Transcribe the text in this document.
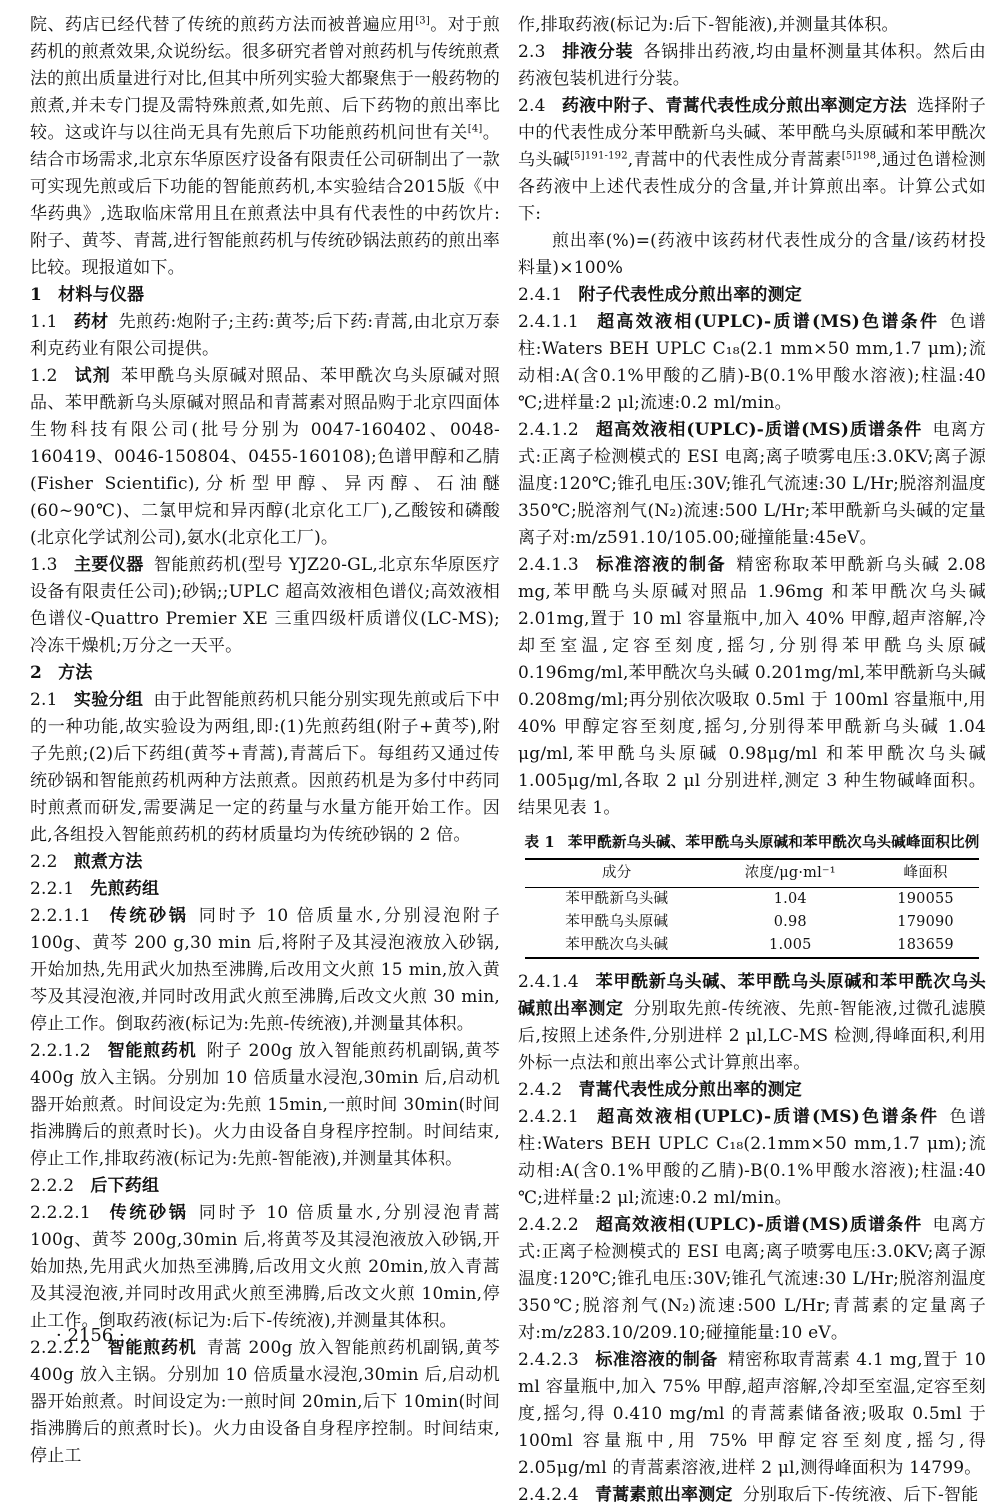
院、药店已经代替了传统的煎药方法而被普遍应用[3]。对于煎药机的煎煮效果,众说纷纭。很多研究者曾对煎药机与传统煎煮法的煎出质量进行对比,但其中所列实验大都聚焦于一般药物的煎煮,并未专门提及需特殊煎煮,如先煎、后下药物的煎出率比较。这或许与以往尚无具有先煎后下功能煎药机问世有关[4]。结合市场需求,北京东华原医疗设备有限责任公司研制出了一款可实现先煎或后下功能的智能煎药机,本实验结合2015版《中华药典》,选取临床常用且在煎煮法中具有代表性的中药饮片:附子、黄芩、青蒿,进行智能煎药机与传统砂锅法煎药的煎出率比较。现报道如下。

1 材料与仪器

1.1 药材 先煎药:炮附子;主药:黄芩;后下药:青蒿,由北京万泰利克药业有限公司提供。

1.2 试剂 苯甲酰乌头原碱对照品、苯甲酰次乌头原碱对照品、苯甲酰新乌头原碱对照品和青蒿素对照品购于北京四面体生物科技有限公司(批号分别为 0047-160402、0048-160419、0046-150804、0455-160108);色谱甲醇和乙腈(Fisher Scientific),分析型甲醇、异丙醇、石油醚(60~90℃)、二氯甲烷和异丙醇(北京化工厂),乙酸铵和磷酸(北京化学试剂公司),氨水(北京化工厂)。

1.3 主要仪器 智能煎药机(型号 YJZ20-GL,北京东华原医疗设备有限责任公司);砂锅;;UPLC 超高效液相色谱仪;高效液相色谱仪-Quattro Premier XE 三重四级杆质谱仪(LC-MS);冷冻干燥机;万分之一天平。

2 方法

2.1 实验分组 由于此智能煎药机只能分别实现先煎或后下中的一种功能,故实验设为两组,即:(1)先煎药组(附子+黄芩),附子先煎;(2)后下药组(黄芩+青蒿),青蒿后下。每组药又通过传统砂锅和智能煎药机两种方法煎煮。因煎药机是为多付中药同时煎煮而研发,需要满足一定的药量与水量方能开始工作。因此,各组投入智能煎药机的药材质量均为传统砂锅的 2 倍。

2.2 煎煮方法

2.2.1 先煎药组

2.2.1.1 传统砂锅 同时予 10 倍质量水,分别浸泡附子 100g、黄芩 200 g,30 min 后,将附子及其浸泡液放入砂锅,开始加热,先用武火加热至沸腾,后改用文火煎 15 min,放入黄芩及其浸泡液,并同时改用武火煎至沸腾,后改文火煎 30 min,停止工作。倒取药液(标记为:先煎-传统液),并测量其体积。

2.2.1.2 智能煎药机 附子 200g 放入智能煎药机副锅,黄芩 400g 放入主锅。分别加 10 倍质量水浸泡,30min 后,启动机器开始煎煮。时间设定为:先煎 15min,一煎时间 30min(时间指沸腾后的煎煮时长)。火力由设备自身程序控制。时间结束,停止工作,排取药液(标记为:先煎-智能液),并测量其体积。

2.2.2 后下药组

2.2.2.1 传统砂锅 同时予 10 倍质量水,分别浸泡青蒿 100g、黄芩 200g,30min 后,将黄芩及其浸泡液放入砂锅,开始加热,先用武火加热至沸腾,后改用文火煎 20min,放入青蒿及其浸泡液,并同时改用武火煎至沸腾,后改文火煎 10min,停止工作。倒取药液(标记为:后下-传统液),并测量其体积。

2.2.2.2 智能煎药机 青蒿 200g 放入智能煎药机副锅,黄芩 400g 放入主锅。分别加 10 倍质量水浸泡,30min 后,启动机器开始煎煮。时间设定为:一煎时间 20min,后下 10min(时间指沸腾后的煎煮时长)。火力由设备自身程序控制。时间结束,停止工

作,排取药液(标记为:后下-智能液),并测量其体积。

2.3 排液分装 各锅排出药液,均由量杯测量其体积。然后由药液包装机进行分装。

2.4 药液中附子、青蒿代表性成分煎出率测定方法 选择附子中的代表性成分苯甲酰新乌头碱、苯甲酰乌头原碱和苯甲酰次乌头碱$^{[5]191-192}$,青蒿中的代表性成分青蒿素$^{[5]198}$,通过色谱检测各药液中上述代表性成分的含量,并计算煎出率。计算公式如下:

煎出率(%)=(药液中该药材代表性成分的含量/该药材投料量)×100%

2.4.1 附子代表性成分煎出率的测定

2.4.1.1 超高效液相(UPLC)-质谱(MS)色谱条件 色谱柱:Waters BEH UPLC C₁₈(2.1 mm×50 mm,1.7 μm);流动相:A(含0.1%甲酸的乙腈)-B(0.1%甲酸水溶液);柱温:40 ℃;进样量:2 μl;流速:0.2 ml/min。

2.4.1.2 超高效液相(UPLC)-质谱(MS)质谱条件 电离方式:正离子检测模式的 ESI 电离;离子喷雾电压:3.0KV;离子源温度:120℃;锥孔电压:30V;锥孔气流速:30 L/Hr;脱溶剂温度350℃;脱溶剂气(N₂)流速:500 L/Hr;苯甲酰新乌头碱的定量离子对:m/z591.10/105.00;碰撞能量:45eV。

2.4.1.3 标准溶液的制备 精密称取苯甲酰新乌头碱 2.08 mg,苯甲酰乌头原碱对照品 1.96mg 和苯甲酰次乌头碱 2.01mg,置于 10 ml 容量瓶中,加入 40% 甲醇,超声溶解,冷却至室温,定容至刻度,摇匀,分别得苯甲酰乌头原碱 0.196mg/ml,苯甲酰次乌头碱 0.201mg/ml,苯甲酰新乌头碱 0.208mg/ml;再分别依次吸取 0.5ml 于 100ml 容量瓶中,用 40% 甲醇定容至刻度,摇匀,分别得苯甲酰新乌头碱 1.04 μg/ml,苯甲酰乌头原碱 0.98μg/ml 和苯甲酰次乌头碱 1.005μg/ml,各取 2 μl 分别进样,测定 3 种生物碱峰面积。结果见表 1。

表 1 苯甲酰新乌头碱、苯甲酰乌头原碱和苯甲酰次乌头碱峰面积比例
成分	浓度/μg·ml⁻¹	峰面积
苯甲酰新乌头碱	1.04	190055
苯甲酰乌头原碱	0.98	179090
苯甲酰次乌头碱	1.005	183659

2.4.1.4 苯甲酰新乌头碱、苯甲酰乌头原碱和苯甲酰次乌头碱煎出率测定 分别取先煎-传统液、先煎-智能液,过微孔滤膜后,按照上述条件,分别进样 2 μl,LC-MS 检测,得峰面积,利用外标一点法和煎出率公式计算煎出率。

2.4.2 青蒿代表性成分煎出率的测定

2.4.2.1 超高效液相(UPLC)-质谱(MS)色谱条件 色谱柱:Waters BEH UPLC C₁₈(2.1mm×50 mm,1.7 μm);流动相:A(含0.1%甲酸的乙腈)-B(0.1%甲酸水溶液);柱温:40 ℃;进样量:2 μl;流速:0.2 ml/min。

2.4.2.2 超高效液相(UPLC)-质谱(MS)质谱条件 电离方式:正离子检测模式的 ESI 电离;离子喷雾电压:3.0KV;离子源温度:120℃;锥孔电压:30V;锥孔气流速:30 L/Hr;脱溶剂温度350℃;脱溶剂气(N₂)流速:500 L/Hr;青蒿素的定量离子对:m/z283.10/209.10;碰撞能量:10 eV。

2.4.2.3 标准溶液的制备 精密称取青蒿素 4.1 mg,置于 10 ml 容量瓶中,加入 75% 甲醇,超声溶解,冷却至室温,定容至刻度,摇匀,得 0.410 mg/ml 的青蒿素储备液;吸取 0.5ml 于 100ml 容量瓶中,用 75% 甲醇定容至刻度,摇匀,得 2.05μg/ml 的青蒿素溶液,进样 2 μl,测得峰面积为 14799。

2.4.2.4 青蒿素煎出率测定 分别取后下-传统液、后下-智能

· 2156 ·
